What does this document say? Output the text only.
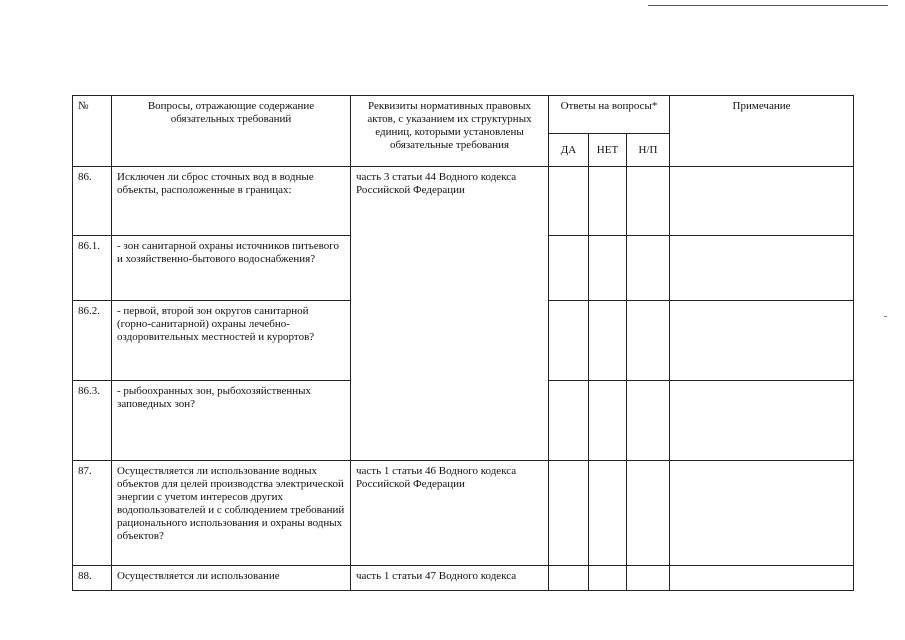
№	Вопросы, отражающие содержание обязательных требований	Реквизиты нормативных правовых актов, с указанием их структурных единиц, которыми установлены обязательные требования	Ответы на вопросы*			Примечание

			ДА	НЕТ	Н/П	

86.	Исключен ли сброс сточных вод в водные объекты, расположенные в границах:	часть 3 статьи 44 Водного кодекса Российской Федерации				

86.1.	- зон санитарной охраны источников питьевого и хозяйственно-бытового водоснабжения?					

86.2.	- первой, второй зон округов санитарной (горно-санитарной) охраны лечебно-оздоровительных местностей и курортов?					

86.3.	- рыбоохранных зон, рыбохозяйственных заповедных зон?					

87.	Осуществляется ли использование водных объектов для целей производства электрической энергии с учетом интересов других водопользователей и с соблюдением требований рационального использования и охраны водных объектов?	часть 1 статьи 46 Водного кодекса Российской Федерации				

88.	Осуществляется ли использование	часть 1 статьи 47 Водного кодекса				
